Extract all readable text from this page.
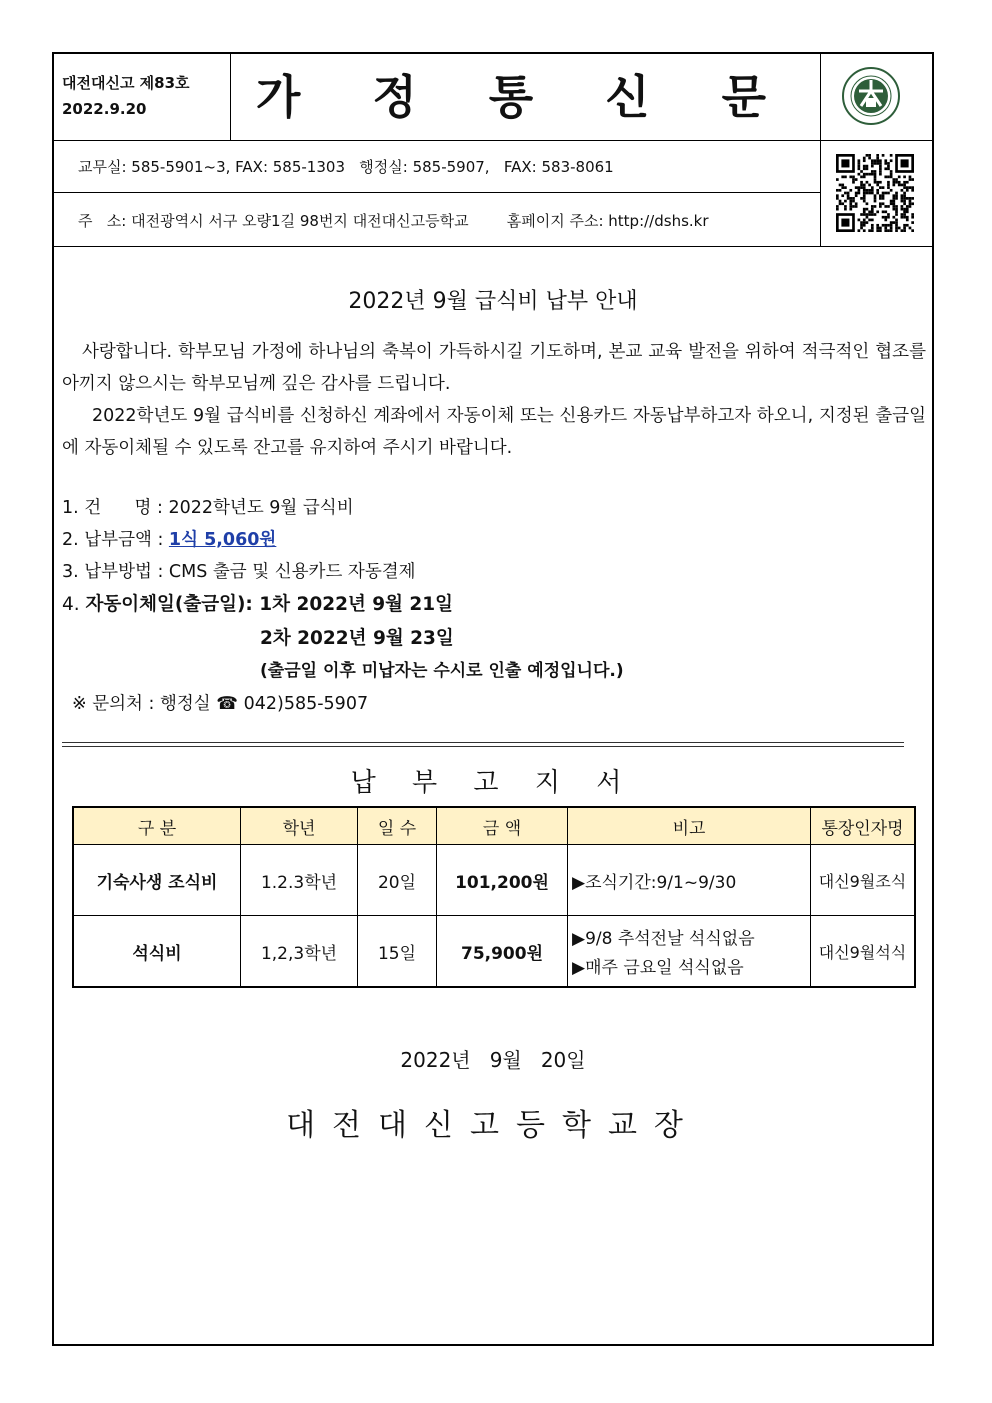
대전대신고 제83호
2022.9.20	가 정 통 신 문
교무실: 585-5901~3, FAX: 585-1303   행정실: 585-5907,   FAX: 583-8061
주   소: 대전광역시 서구 오량1길 98번지 대전대신고등학교        홈페이지 주소: http://dshs.kr
2022년 9월 급식비 납부 안내
사랑합니다. 학부모님 가정에 하나님의 축복이 가득하시길 기도하며, 본교 교육 발전을 위하여 적극적인 협조를 아끼지 않으시는 학부모님께 깊은 감사를 드립니다.
2022학년도 9월 급식비를 신청하신 계좌에서 자동이체 또는 신용카드 자동납부하고자 하오니, 지정된 출금일에 자동이체될 수 있도록 잔고를 유지하여 주시기 바랍니다.
1. 건      명 : 2022학년도 9월 급식비
2. 납부금액 : 1식 5,060원
3. 납부방법 : CMS 출금 및 신용카드 자동결제
4. 자동이체일(출금일): 1차 2022년 9월 21일
2차 2022년 9월 23일
(출금일 이후 미납자는 수시로 인출 예정입니다.)
※ 문의처 : 행정실 ☎ 042)585-5907
납 부 고 지 서
구 분	학년	일 수	금 액	비고	통장인자명
기숙사생 조식비	1.2.3학년	20일	101,200원	▶조식기간:9/1~9/30	대신9월조식
석식비	1,2,3학년	15일	75,900원	▶9/8 추석전날 석식없음
▶매주 금요일 석식없음	대신9월석식
2022년   9월   20일
대전대신고등학교장
